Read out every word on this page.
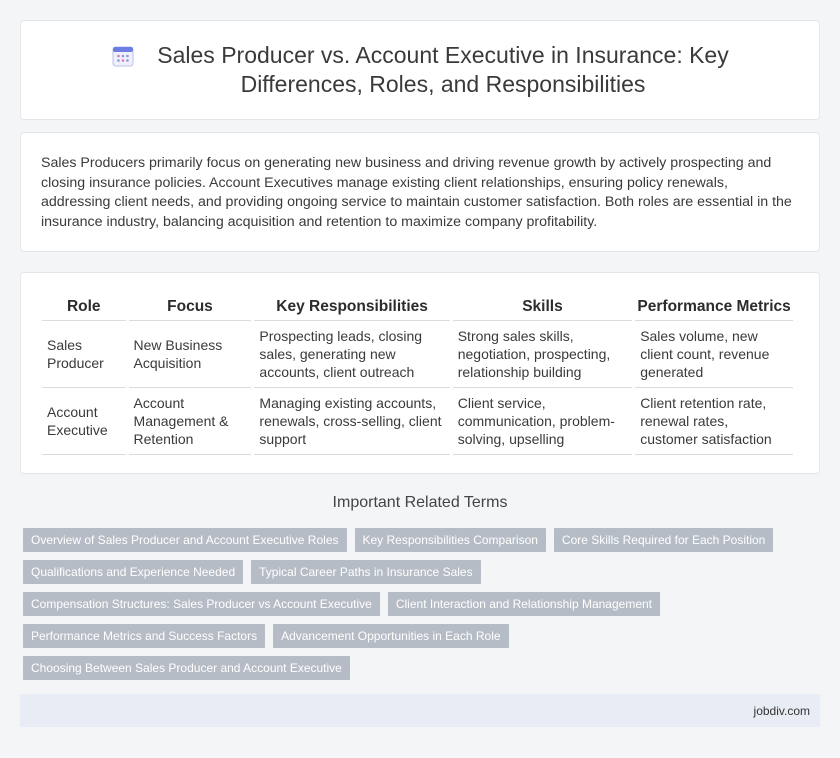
Sales Producer vs. Account Executive in Insurance: Key
Differences, Roles, and Responsibilities

Sales Producers primarily focus on generating new business and driving revenue growth by actively prospecting and closing insurance policies. Account Executives manage existing client relationships, ensuring policy renewals, addressing client needs, and providing ongoing service to maintain customer satisfaction. Both roles are essential in the insurance industry, balancing acquisition and retention to maximize company profitability.

Role	Focus	Key Responsibilities	Skills	Performance Metrics
Sales Producer	New Business Acquisition	Prospecting leads, closing sales, generating new accounts, client outreach	Strong sales skills, negotiation, prospecting, relationship building	Sales volume, new client count, revenue generated
Account Executive	Account Management & Retention	Managing existing accounts, renewals, cross-selling, client support	Client service, communication, problem-solving, upselling	Client retention rate, renewal rates, customer satisfaction
Important Related Terms
Overview of Sales Producer and Account Executive Roles	Key Responsibilities Comparison	Core Skills Required for Each Position
Qualifications and Experience Needed	Typical Career Paths in Insurance Sales
Compensation Structures: Sales Producer vs Account Executive	Client Interaction and Relationship Management
Performance Metrics and Success Factors	Advancement Opportunities in Each Role
Choosing Between Sales Producer and Account Executive
jobdiv.com
